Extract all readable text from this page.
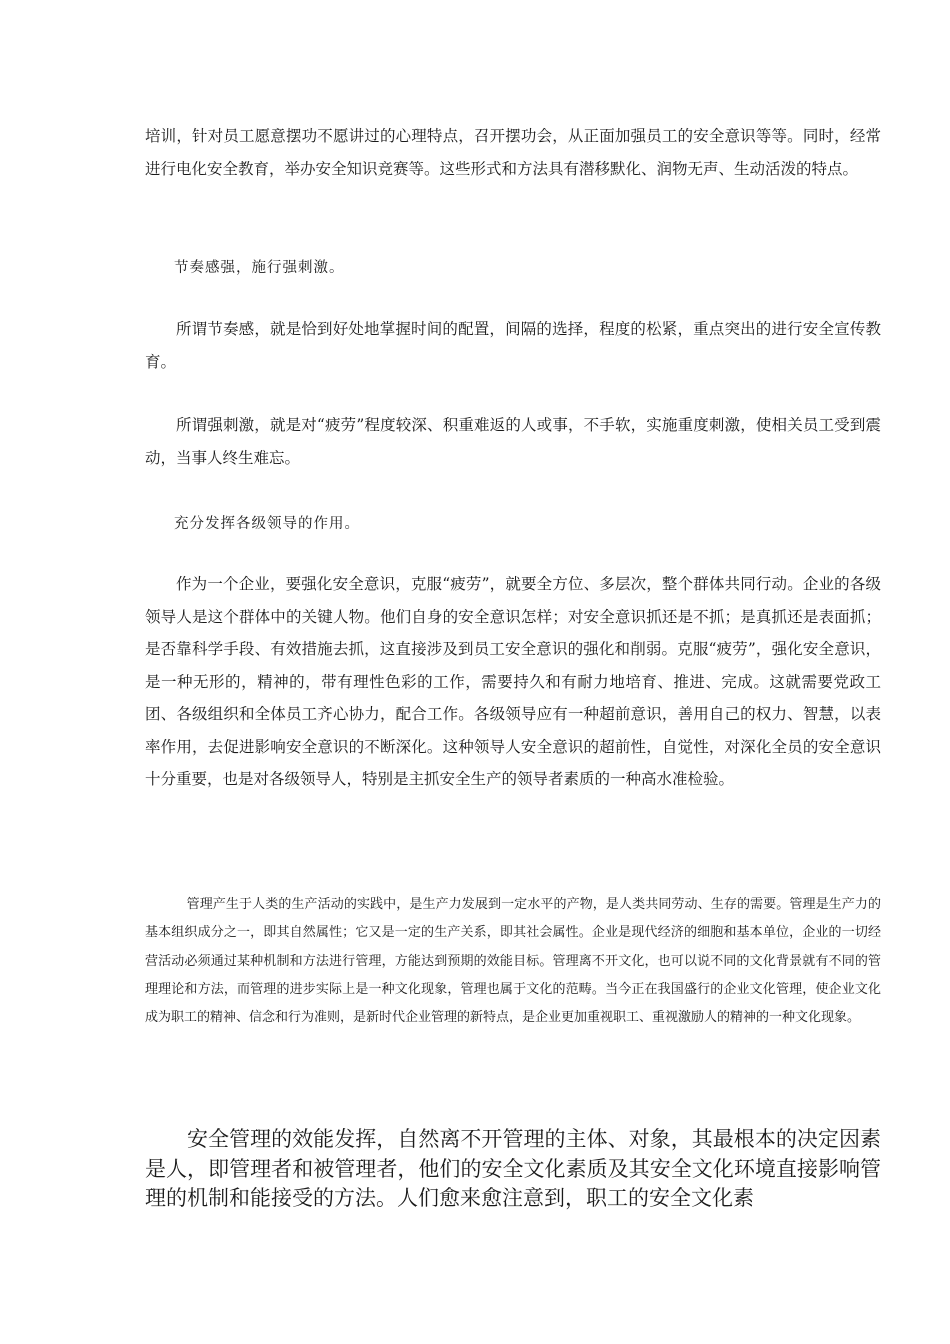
培训，针对员工愿意摆功不愿讲过的心理特点，召开摆功会，从正面加强员工的安全意识等等。同时，经常进行电化安全教育，举办安全知识竞赛等。这些形式和方法具有潜移默化、润物无声、生动活泼的特点。

节奏感强，施行强刺激。

所谓节奏感，就是恰到好处地掌握时间的配置，间隔的选择，程度的松紧，重点突出的进行安全宣传教育。

所谓强刺激，就是对“疲劳”程度较深、积重难返的人或事，不手软，实施重度刺激，使相关员工受到震动，当事人终生难忘。

充分发挥各级领导的作用。

作为一个企业，要强化安全意识，克服“疲劳”，就要全方位、多层次，整个群体共同行动。企业的各级领导人是这个群体中的关键人物。他们自身的安全意识怎样；对安全意识抓还是不抓；是真抓还是表面抓；是否靠科学手段、有效措施去抓，这直接涉及到员工安全意识的强化和削弱。克服“疲劳”，强化安全意识，是一种无形的，精神的，带有理性色彩的工作，需要持久和有耐力地培育、推进、完成。这就需要党政工团、各级组织和全体员工齐心协力，配合工作。各级领导应有一种超前意识，善用自己的权力、智慧，以表率作用，去促进影响安全意识的不断深化。这种领导人安全意识的超前性，自觉性，对深化全员的安全意识十分重要，也是对各级领导人，特别是主抓安全生产的领导者素质的一种高水准检验。

管理产生于人类的生产活动的实践中，是生产力发展到一定水平的产物，是人类共同劳动、生存的需要。管理是生产力的基本组织成分之一，即其自然属性；它又是一定的生产关系，即其社会属性。企业是现代经济的细胞和基本单位，企业的一切经营活动必须通过某种机制和方法进行管理，方能达到预期的效能目标。管理离不开文化，也可以说不同的文化背景就有不同的管理理论和方法，而管理的进步实际上是一种文化现象，管理也属于文化的范畴。当今正在我国盛行的企业文化管理，使企业文化成为职工的精神、信念和行为准则，是新时代企业管理的新特点，是企业更加重视职工、重视激励人的精神的一种文化现象。

安全管理的效能发挥，自然离不开管理的主体、对象，其最根本的决定因素是人，即管理者和被管理者，他们的安全文化素质及其安全文化环境直接影响管理的机制和能接受的方法。人们愈来愈注意到，职工的安全文化素
